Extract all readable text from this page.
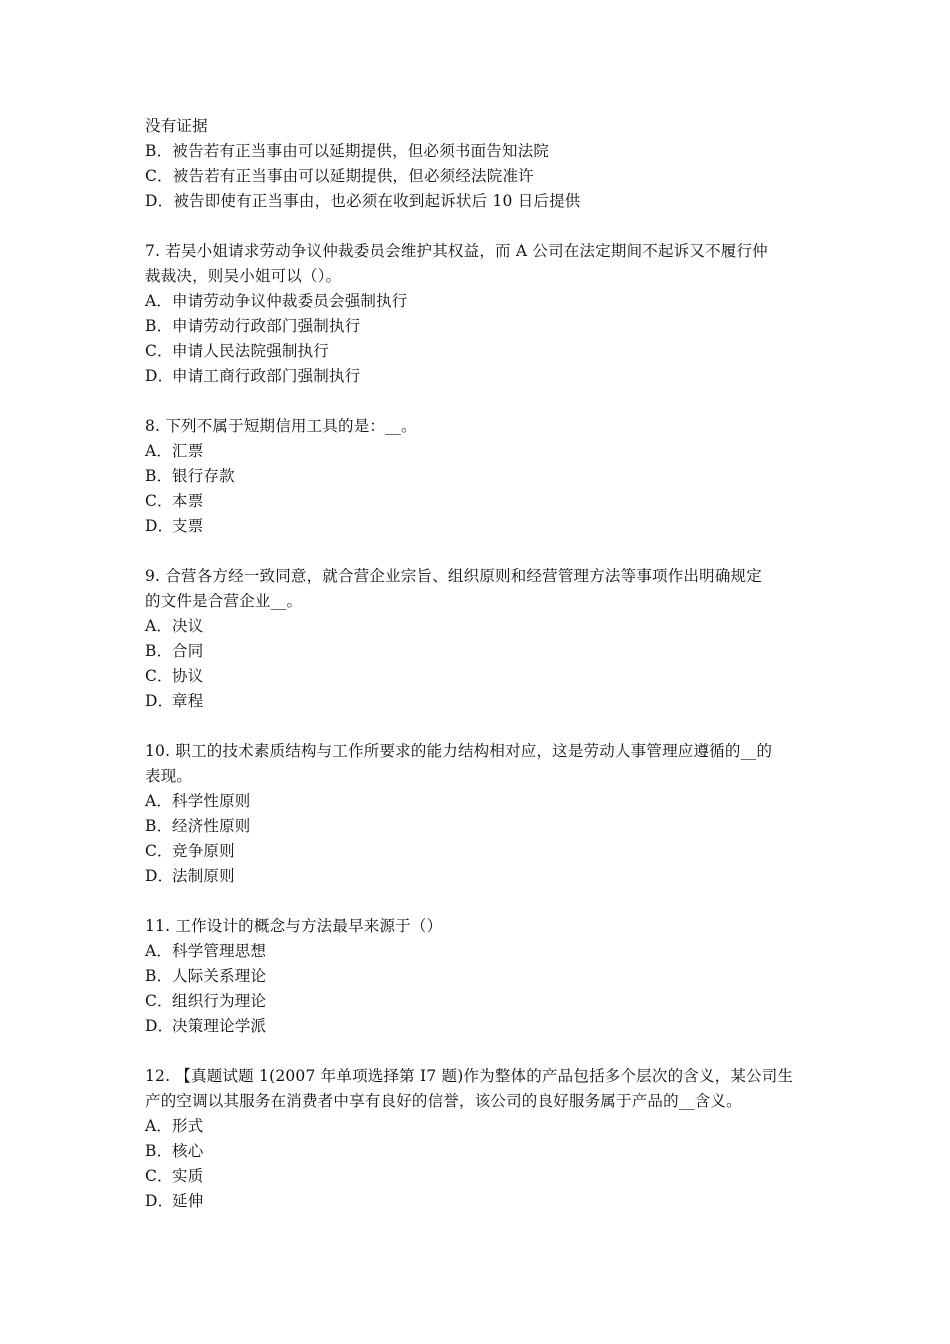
没有证据
B．被告若有正当事由可以延期提供，但必须书面告知法院
C．被告若有正当事由可以延期提供，但必须经法院准许
D．被告即使有正当事由，也必须在收到起诉状后 10 日后提供
7. 若吴小姐请求劳动争议仲裁委员会维护其权益，而 A 公司在法定期间不起诉又不履行仲
裁裁决，则吴小姐可以（）。
A．申请劳动争议仲裁委员会强制执行
B．申请劳动行政部门强制执行
C．申请人民法院强制执行
D．申请工商行政部门强制执行
8. 下列不属于短期信用工具的是：__。
A．汇票
B．银行存款
C．本票
D．支票
9. 合营各方经一致同意，就合营企业宗旨、组织原则和经营管理方法等事项作出明确规定
的文件是合营企业__。
A．决议
B．合同
C．协议
D．章程
10. 职工的技术素质结构与工作所要求的能力结构相对应，这是劳动人事管理应遵循的__的
表现。
A．科学性原则
B．经济性原则
C．竞争原则
D．法制原则
11. 工作设计的概念与方法最早来源于（）
A．科学管理思想
B．人际关系理论
C．组织行为理论
D．决策理论学派
12. 【真题试题 1(2007 年单项选择第 I7 题)作为整体的产品包括多个层次的含义，某公司生
产的空调以其服务在消费者中享有良好的信誉，该公司的良好服务属于产品的__含义。
A．形式
B．核心
C．实质
D．延伸
